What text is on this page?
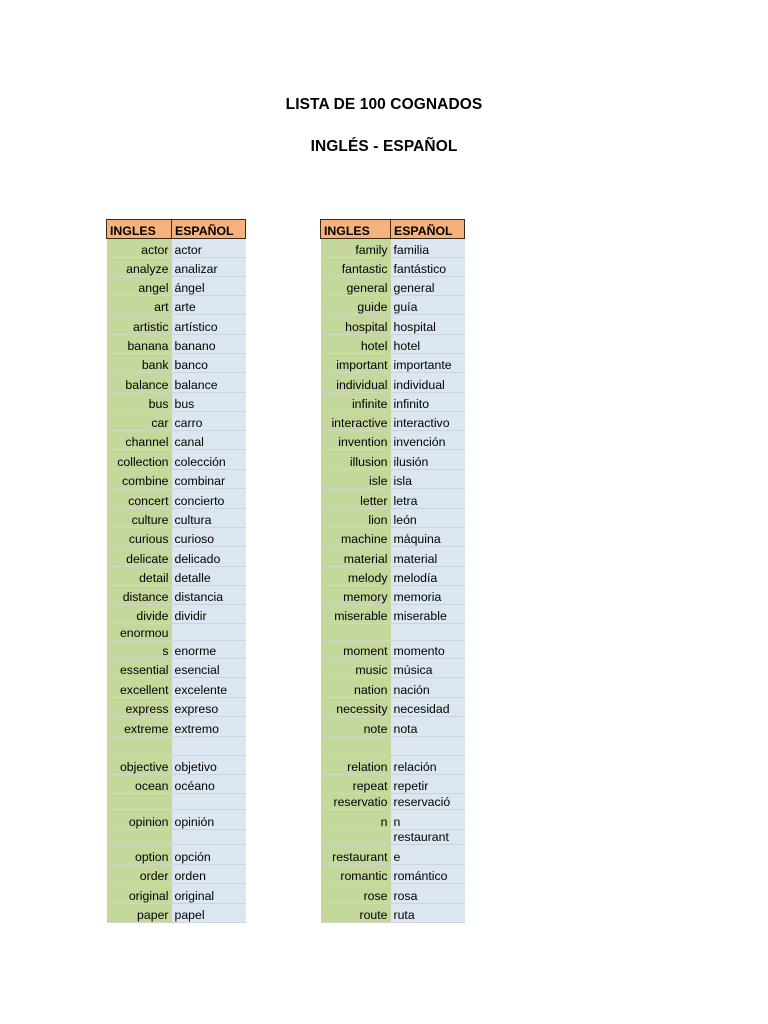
LISTA DE 100 COGNADOS
INGLÉS - ESPAÑOL
INGLES	ESPAÑOL
actor	actor
analyze	analizar
angel	ángel
art	arte
artistic	artístico
banana	banano
bank	banco
balance	balance
bus	bus
car	carro
channel	canal
collection	colección
combine	combinar
concert	concierto
culture	cultura
curious	curioso
delicate	delicado
detail	detalle
distance	distancia
divide	dividir
enormou	
s	enorme
essential	esencial
excellent	excelente
express	expreso
extreme	extremo

objective	objetivo
ocean	océano

opinion	opinión

option	opción
order	orden
original	original
paper	papel
INGLES	ESPAÑOL
family	familia
fantastic	fantástico
general	general
guide	guía
hospital	hospital
hotel	hotel
important	importante
individual	individual
infinite	infinito
interactive	interactivo
invention	invención
illusion	ilusión
isle	isla
letter	letra
lion	león
machine	máquina
material	material
melody	melodía
memory	memoria
miserable	miserable

moment	momento
music	música
nation	nación
necessity	necesidad
note	nota

relation	relación
repeat	repetir
reservatio	reservació
n	n
	restaurant
restaurant	e
romantic	romántico
rose	rosa
route	ruta
